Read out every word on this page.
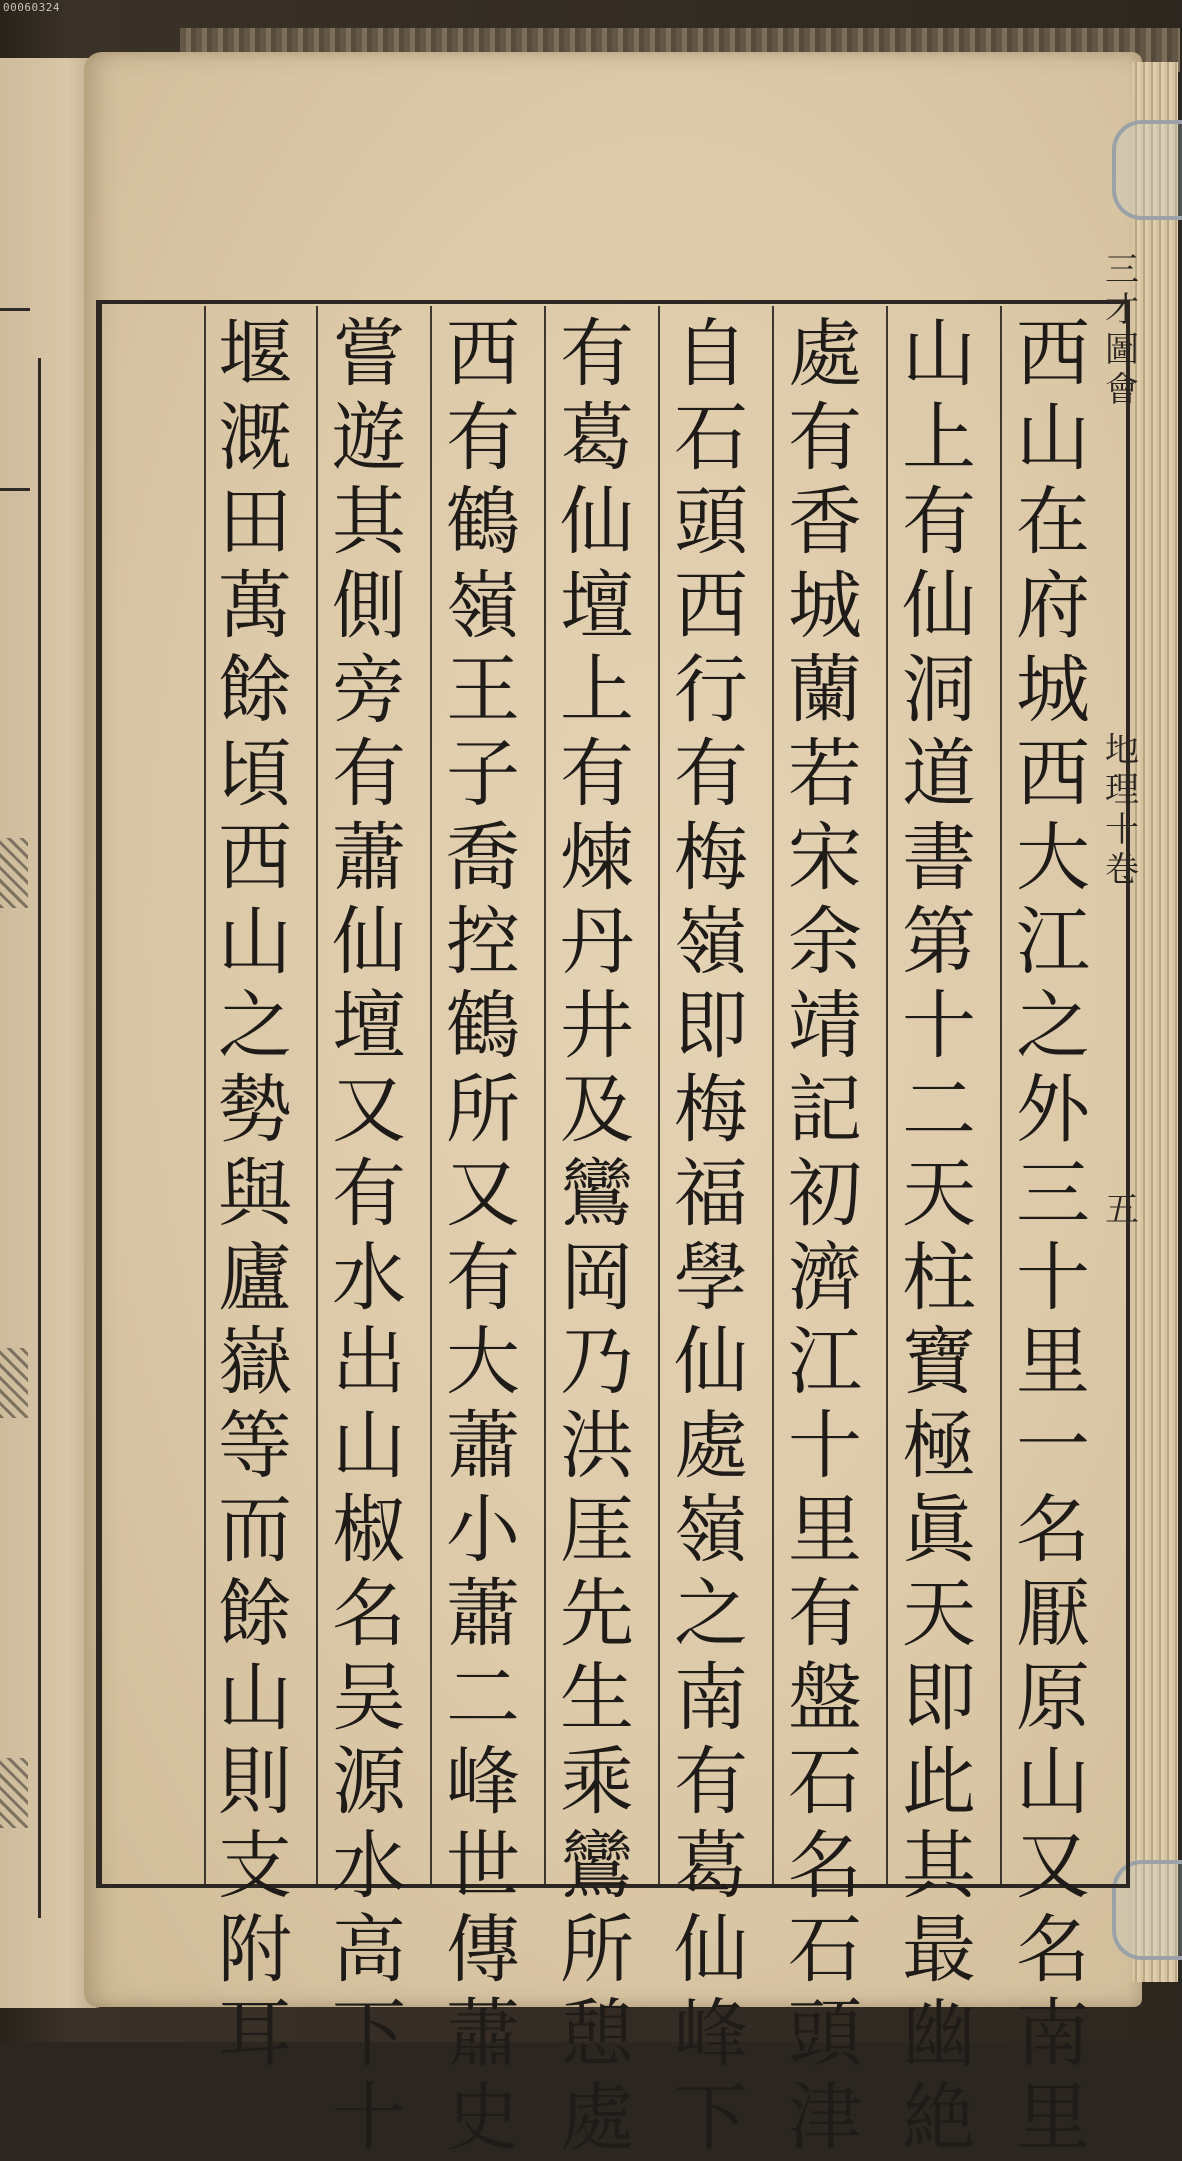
00060324
西山在府城西大江之外三十里一名厭原山又名南里
山上有仙洞道書第十二天柱寶極眞天即此其最幽絶
處有香城蘭若宋余靖記初濟江十里有盤石名石頭津
自石頭西行有梅嶺即梅福學仙處嶺之南有葛仙峰下
有葛仙壇上有煉丹井及鸞岡乃洪厓先生乘鸞所憩處
西有鶴嶺王子喬控鶴所又有大蕭小蕭二峰世傳蕭史
嘗遊其側旁有蕭仙壇又有水出山椒名吴源水高下十
堰溉田萬餘頃西山之勢與廬嶽等而餘山則支附耳
三才圖會
地理
十卷
五
